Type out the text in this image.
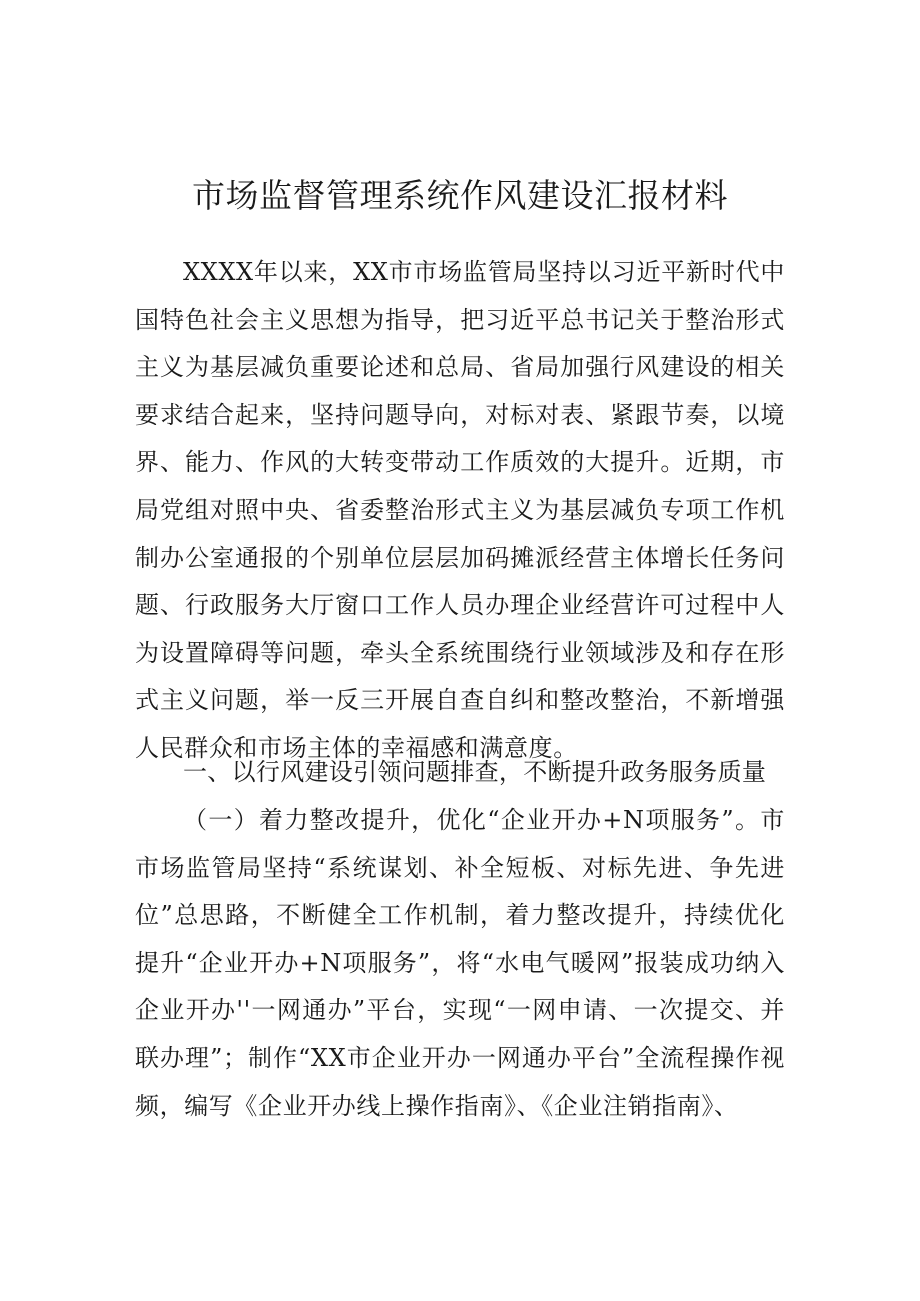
市场监督管理系统作风建设汇报材料

XXXX年以来，XX市市场监管局坚持以习近平新时代中国特色社会主义思想为指导，把习近平总书记关于整治形式主义为基层减负重要论述和总局、省局加强行风建设的相关要求结合起来，坚持问题导向，对标对表、紧跟节奏，以境界、能力、作风的大转变带动工作质效的大提升。近期，市局党组对照中央、省委整治形式主义为基层减负专项工作机制办公室通报的个别单位层层加码摊派经营主体增长任务问题、行政服务大厅窗口工作人员办理企业经营许可过程中人为设置障碍等问题，牵头全系统围绕行业领域涉及和存在形式主义问题，举一反三开展自查自纠和整改整治，不新增强人民群众和市场主体的幸福感和满意度。

一、以行风建设引领问题排查，不断提升政务服务质量

（一）着力整改提升，优化“企业开办+N项服务”。市市场监管局坚持“系统谋划、补全短板、对标先进、争先进位”总思路，不断健全工作机制，着力整改提升，持续优化提升“企业开办+N项服务”，将“水电气暖网”报装成功纳入企业开办''一网通办”平台，实现“一网申请、一次提交、并联办理”；制作“XX市企业开办一网通办平台”全流程操作视频，编写《企业开办线上操作指南》、《企业注销指南》、
